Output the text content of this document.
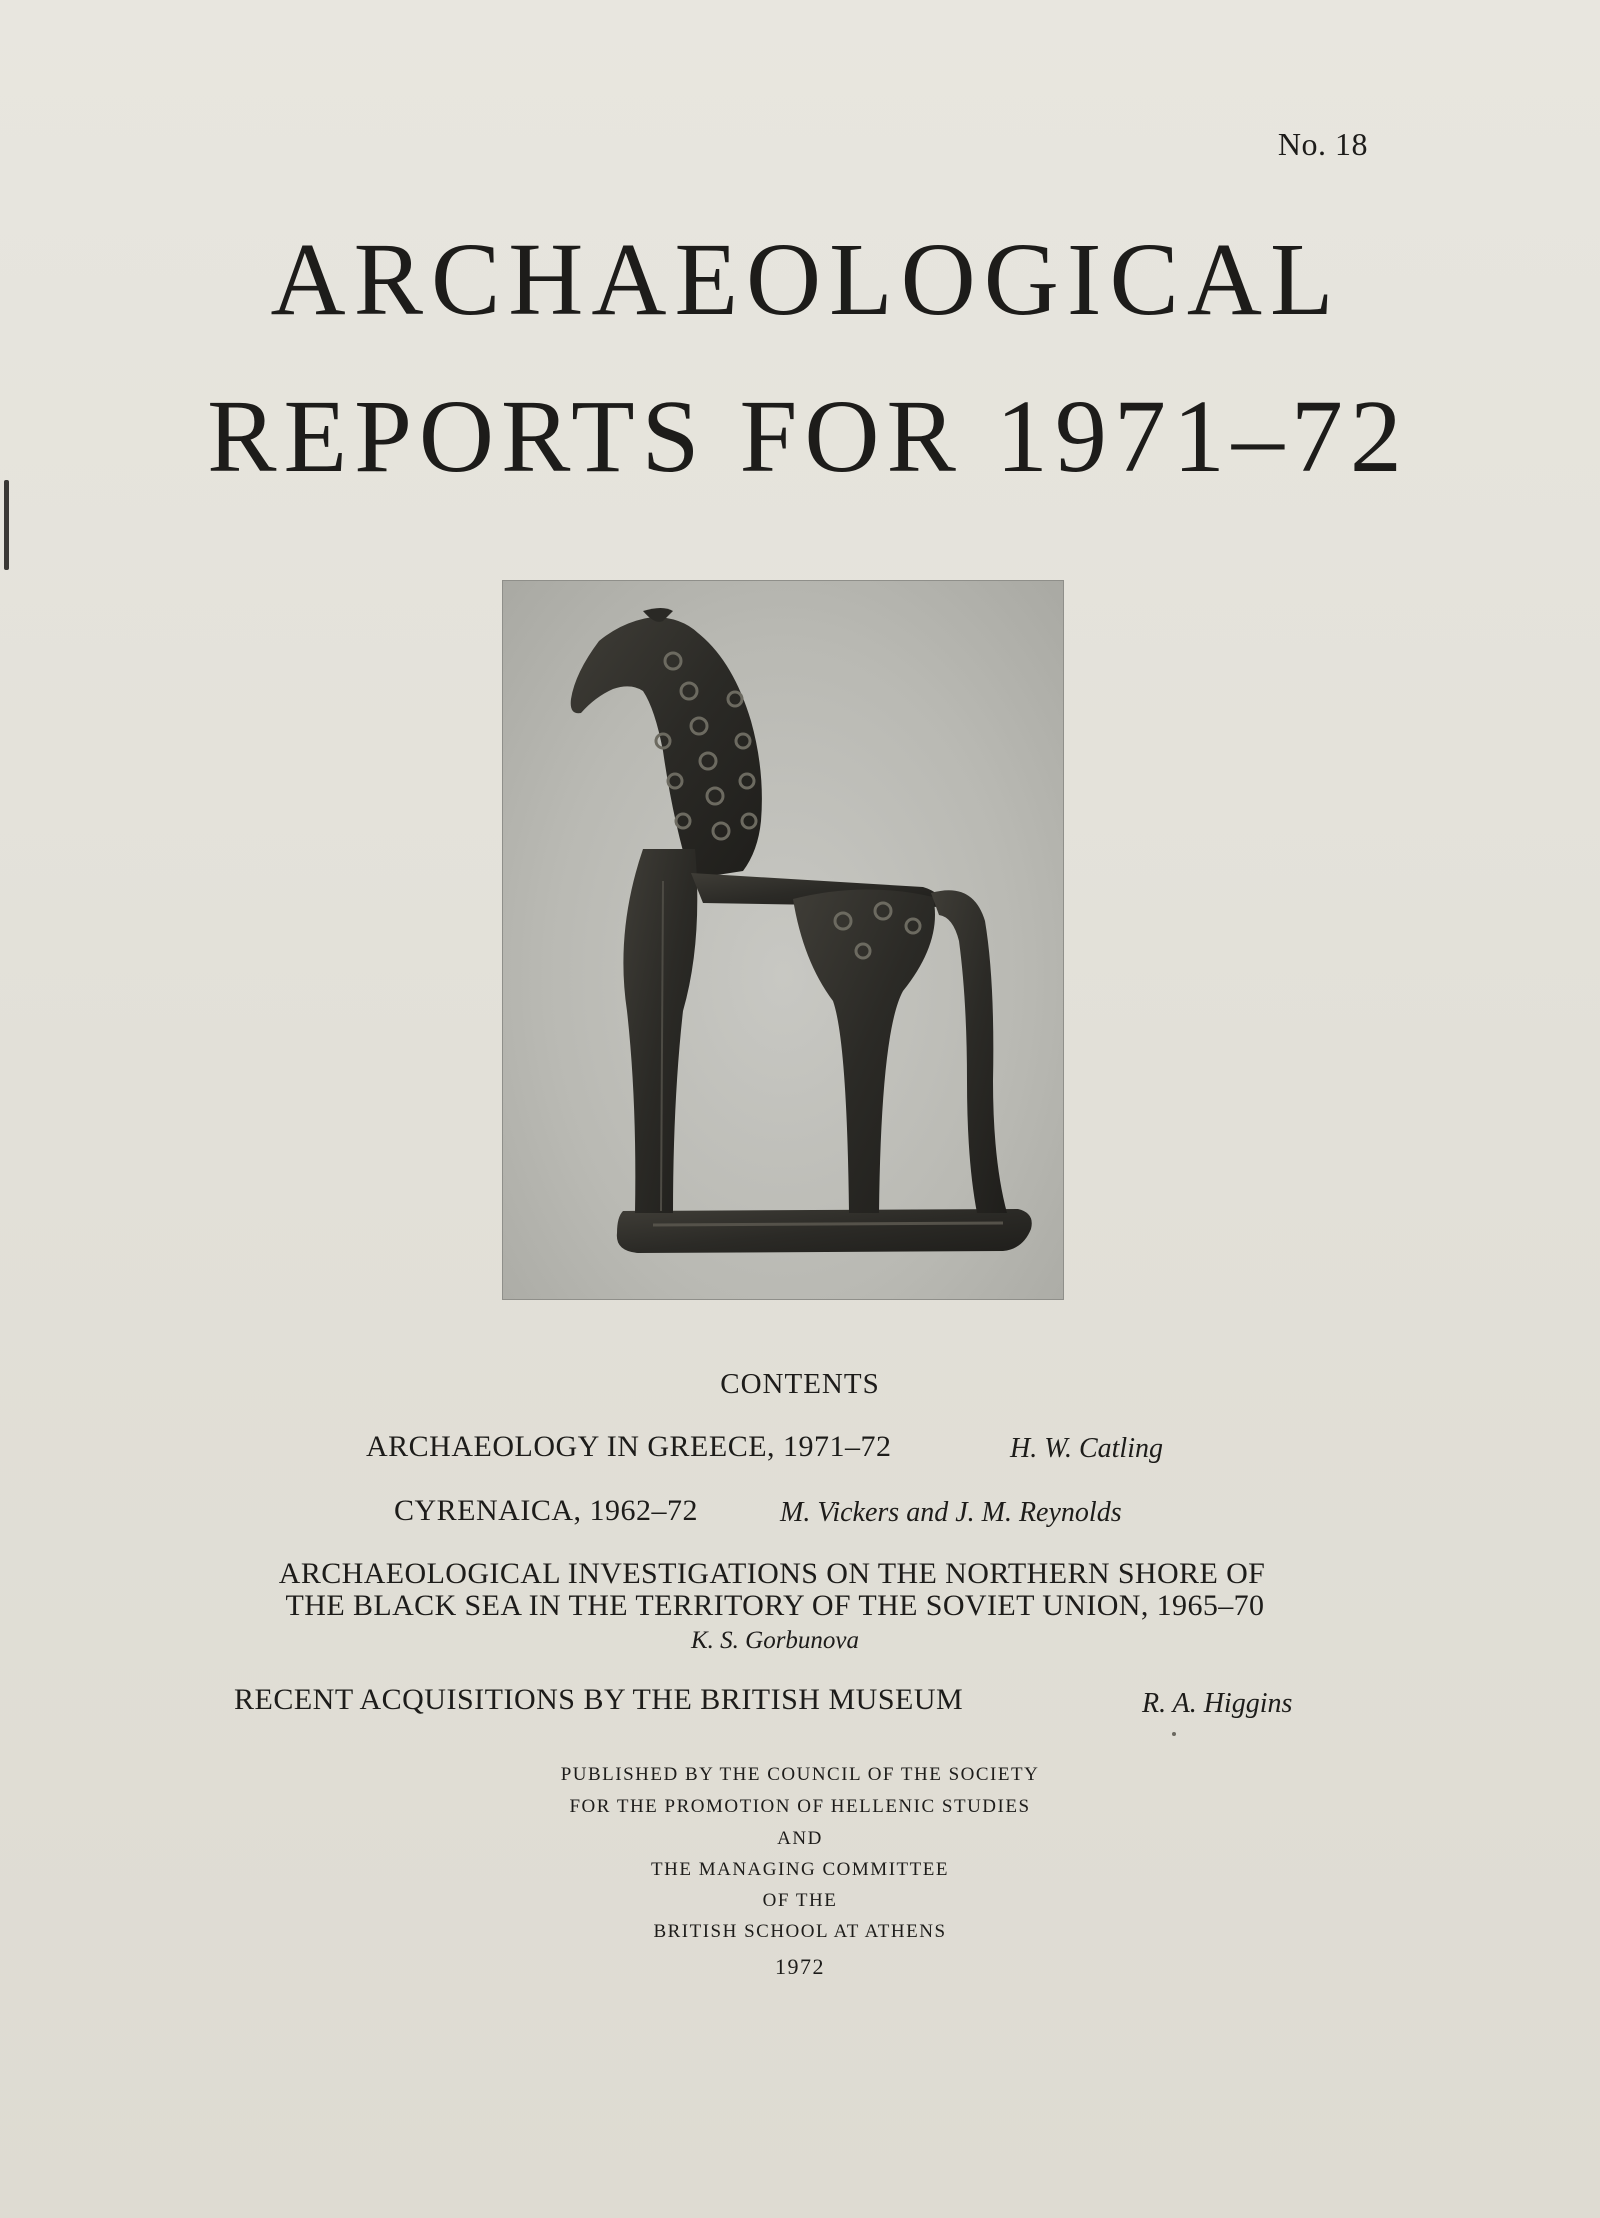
No. 18
ARCHAEOLOGICAL
REPORTS FOR 1971–72
CONTENTS
ARCHAEOLOGY IN GREECE, 1971–72	H. W. Catling
CYRENAICA, 1962–72	M. Vickers and J. M. Reynolds
ARCHAEOLOGICAL INVESTIGATIONS ON THE NORTHERN SHORE OF
THE BLACK SEA IN THE TERRITORY OF THE SOVIET UNION, 1965–70
K. S. Gorbunova
RECENT ACQUISITIONS BY THE BRITISH MUSEUM	R. A. Higgins
PUBLISHED BY THE COUNCIL OF THE SOCIETY
FOR THE PROMOTION OF HELLENIC STUDIES
AND
THE MANAGING COMMITTEE
OF THE
BRITISH SCHOOL AT ATHENS
1972
